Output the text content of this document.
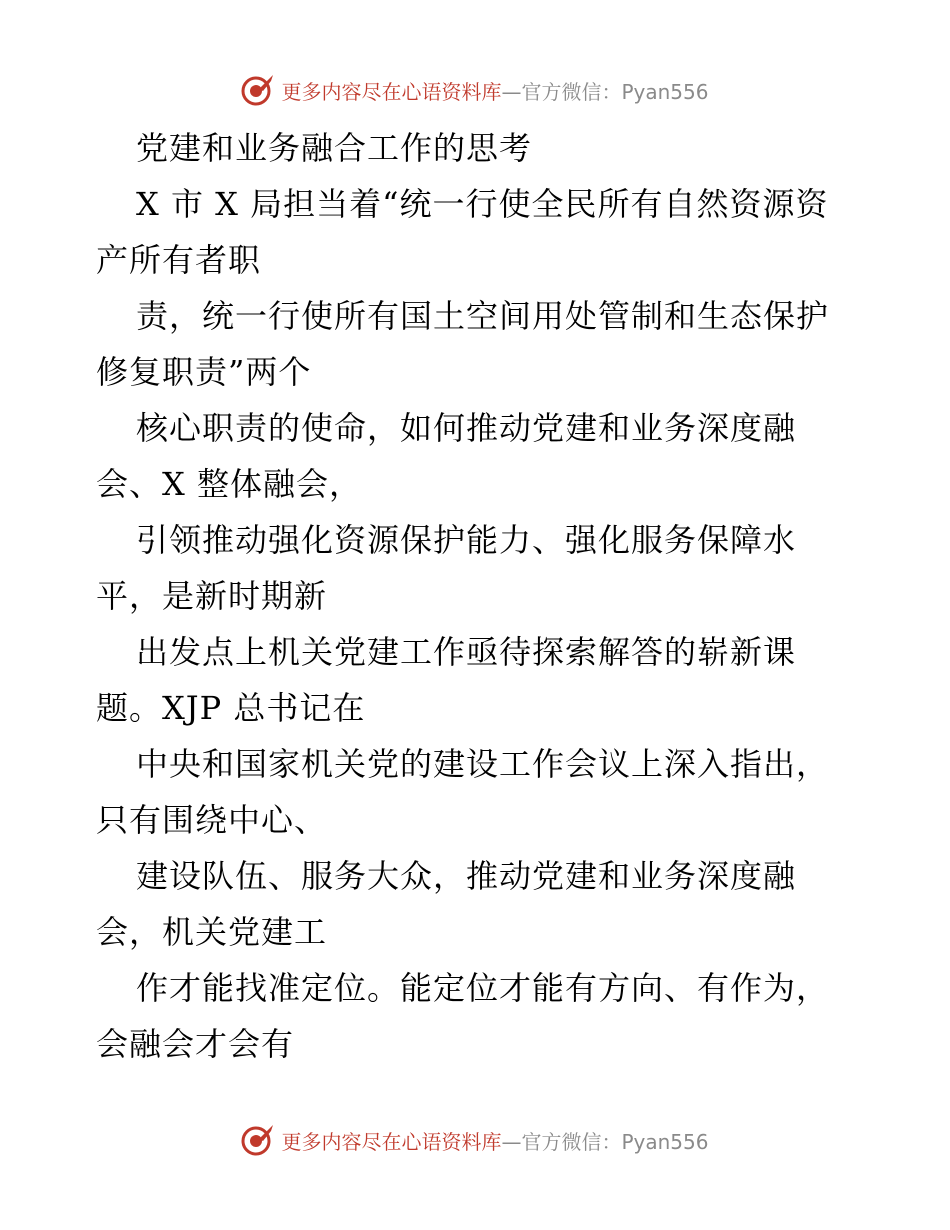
更多内容尽在心语资料库—官方微信：Pyan556
党建和业务融合工作的思考
X 市 X 局担当着“统一行使全民所有自然资源资
产所有者职
责，统一行使所有国土空间用处管制和生态保护
修复职责”两个
核心职责的使命，如何推动党建和业务深度融
会、X 整体融会，
引领推动强化资源保护能力、强化服务保障水
平，是新时期新
出发点上机关党建工作亟待探索解答的崭新课
题。XJP 总书记在
中央和国家机关党的建设工作会议上深入指出，
只有围绕中心、
建设队伍、服务大众，推动党建和业务深度融
会，机关党建工
作才能找准定位。能定位才能有方向、有作为，
会融会才会有
更多内容尽在心语资料库—官方微信：Pyan556
